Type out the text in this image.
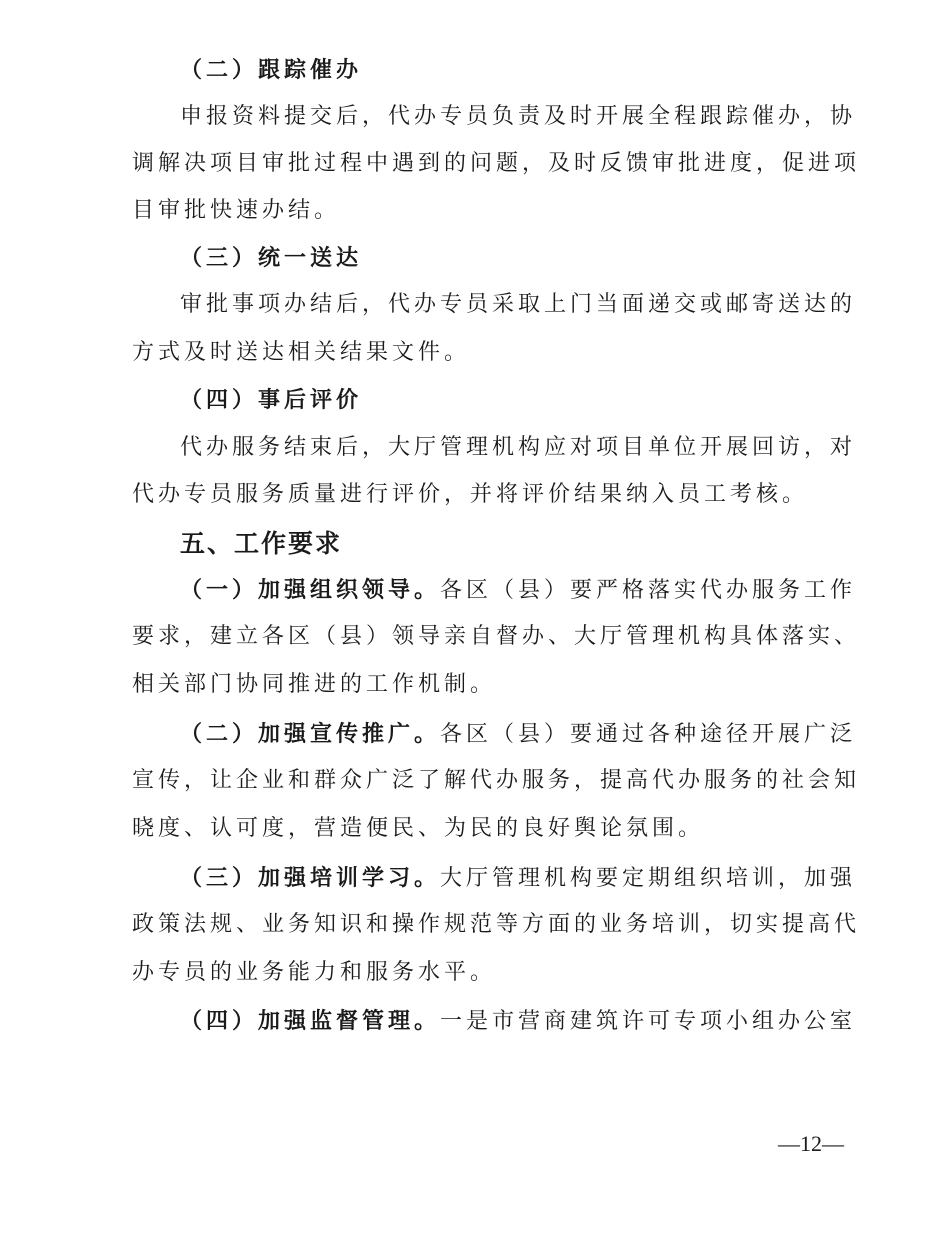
（二）跟踪催办
申报资料提交后，代办专员负责及时开展全程跟踪催办，协
调解决项目审批过程中遇到的问题，及时反馈审批进度，促进项
目审批快速办结。
（三）统一送达
审批事项办结后，代办专员采取上门当面递交或邮寄送达的
方式及时送达相关结果文件。
（四）事后评价
代办服务结束后，大厅管理机构应对项目单位开展回访，对
代办专员服务质量进行评价，并将评价结果纳入员工考核。
五、工作要求
（一）加强组织领导。各区（县）要严格落实代办服务工作
要求，建立各区（县）领导亲自督办、大厅管理机构具体落实、
相关部门协同推进的工作机制。
（二）加强宣传推广。各区（县）要通过各种途径开展广泛
宣传，让企业和群众广泛了解代办服务，提高代办服务的社会知
晓度、认可度，营造便民、为民的良好舆论氛围。
（三）加强培训学习。大厅管理机构要定期组织培训，加强
政策法规、业务知识和操作规范等方面的业务培训，切实提高代
办专员的业务能力和服务水平。
（四）加强监督管理。一是市营商建筑许可专项小组办公室
—12—
